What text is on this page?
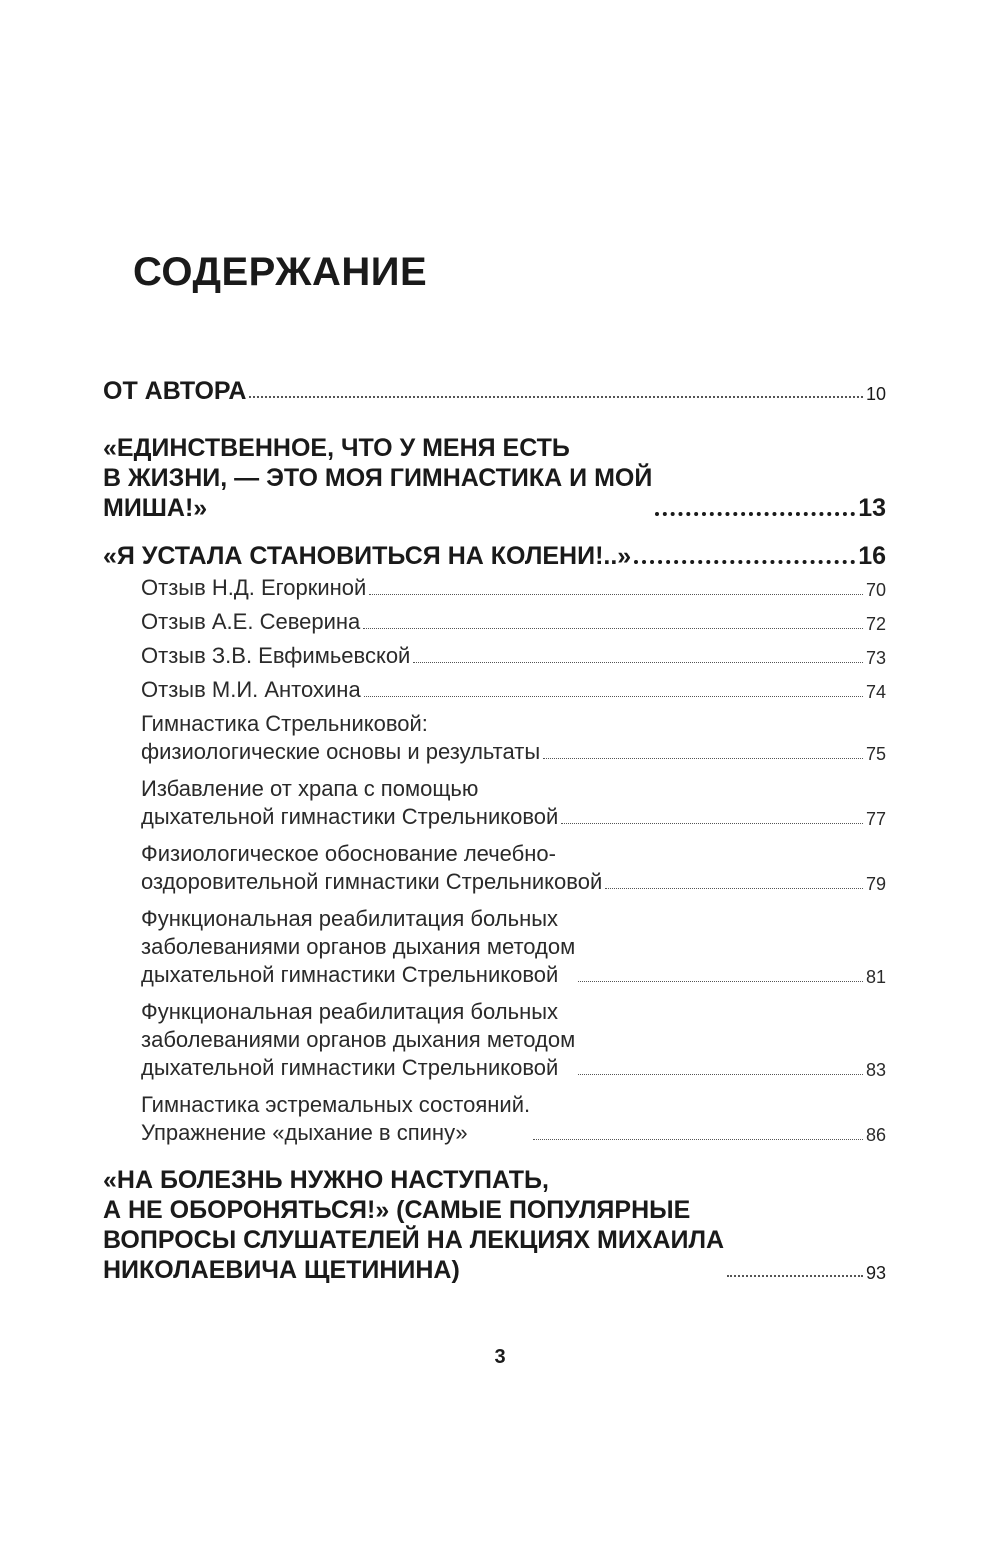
СОДЕРЖАНИЕ
ОТ АВТОРА	10
«ЕДИНСТВЕННОЕ, ЧТО У МЕНЯ ЕСТЬ
В ЖИЗНИ, — ЭТО МОЯ ГИМНАСТИКА И МОЙ
МИША!»	13
«Я УСТАЛА СТАНОВИТЬСЯ НА КОЛЕНИ!..»	16
Отзыв Н.Д. Егоркиной	70
Отзыв А.Е. Северина	72
Отзыв З.В. Евфимьевской	73
Отзыв М.И. Антохина	74
Гимнастика Стрельниковой:
физиологические основы и результаты	75
Избавление от храпа с помощью
дыхательной гимнастики Стрельниковой	77
Физиологическое обоснование лечебно-
оздоровительной гимнастики Стрельниковой	79
Функциональная реабилитация больных
заболеваниями органов дыхания методом
дыхательной гимнастики Стрельниковой	81
Функциональная реабилитация больных
заболеваниями органов дыхания методом
дыхательной гимнастики Стрельниковой	83
Гимнастика эстремальных состояний.
Упражнение «дыхание в спину»	86
«НА БОЛЕЗНЬ НУЖНО НАСТУПАТЬ,
А НЕ ОБОРОНЯТЬСЯ!» (САМЫЕ ПОПУЛЯРНЫЕ
ВОПРОСЫ СЛУШАТЕЛЕЙ НА ЛЕКЦИЯХ МИХАИЛА
НИКОЛАЕВИЧА ЩЕТИНИНА)	93
3
